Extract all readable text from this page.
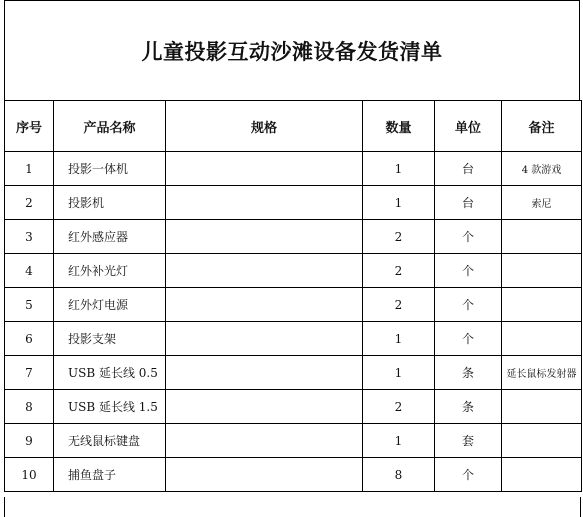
儿童投影互动沙滩设备发货清单
序号	产品名称	规格	数量	单位	备注
1	投影一体机		1	台	4 款游戏
2	投影机		1	台	索尼
3	红外感应器		2	个	
4	红外补光灯		2	个	
5	红外灯电源		2	个	
6	投影支架		1	个	
7	USB 延长线 0.5		1	条	延长鼠标发射器
8	USB 延长线 1.5		2	条	
9	无线鼠标键盘		1	套	
10	捕鱼盘子		8	个	
